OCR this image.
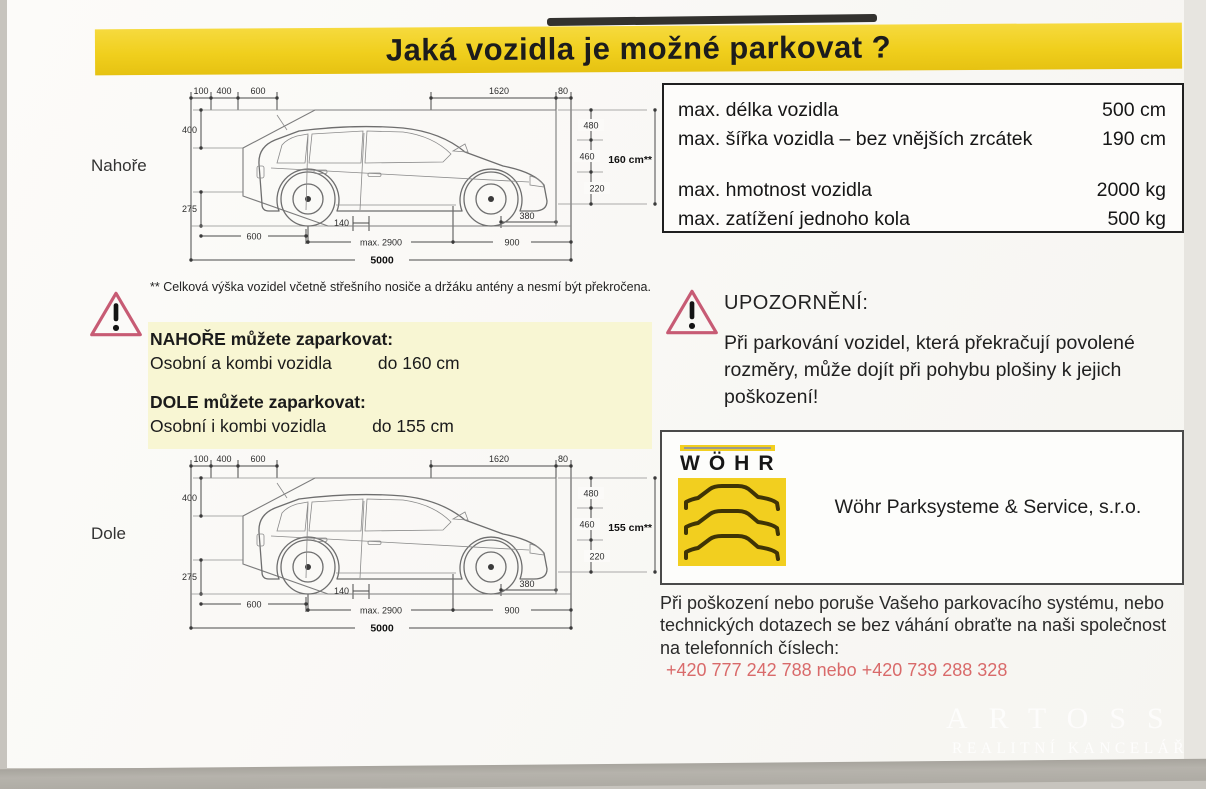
Jaká vozidla je možné parkovat ?
Nahoře
Dole
100 400 600	1620	80
400
275
480
460
220
160 cm**
600
140
380
max. 2900	900
5000
max. délka vozidla	500 cm
max. šířka vozidla – bez vnějších zrcátek	190 cm
max. hmotnost vozidla	2000 kg
max. zatížení jednoho kola	500 kg
** Celková výška vozidel včetně střešního nosiče a držáku antény a nesmí být překročena.
NAHOŘE můžete zaparkovat:
Osobní a kombi vozidla	do 160 cm
DOLE můžete zaparkovat:
Osobní i kombi vozidla	do 155 cm
UPOZORNĚNÍ:
Při parkování vozidel, která překračují povolené rozměry, může dojít při pohybu plošiny k jejich poškození!
WÖHR
Wöhr Parksysteme & Service, s.r.o.
Při poškození nebo poruše Vašeho parkovacího systému, nebo technických dotazech se bez váhání obraťte na naši společnost na telefonních číslech:
+420 777 242 788 nebo +420 739 288 328
100 400 600	1620	80
400
275
480
460
220
155 cm**
600
140
380
max. 2900	900
5000
ARTOSS
REALITNÍ KANCELÁŘ
